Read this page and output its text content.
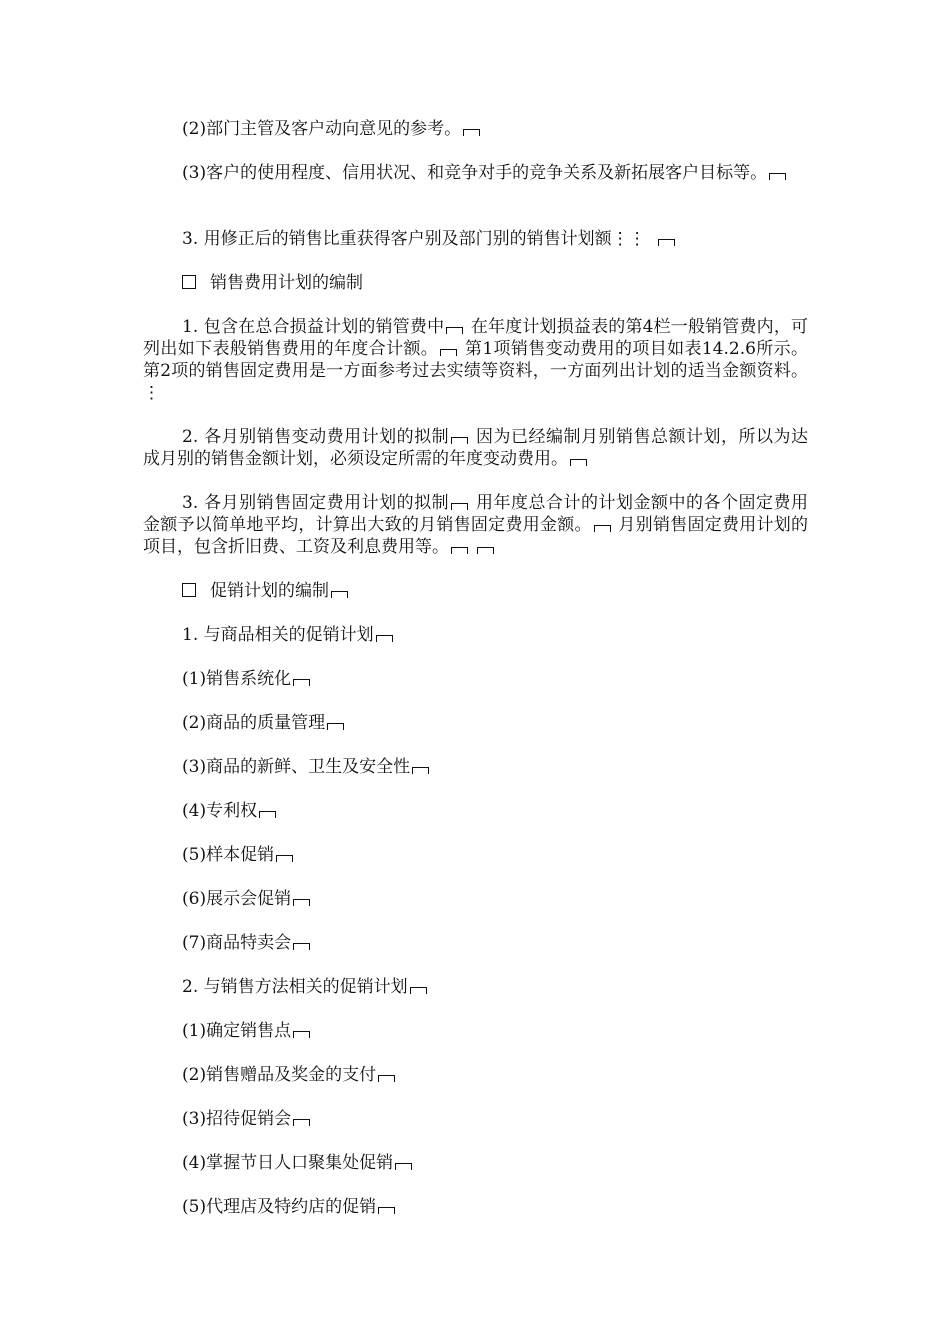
(2)部门主管及客户动向意见的参考。

(3)客户的使用程度、信用状况、和竞争对手的竞争关系及新拓展客户目标等。

3. 用修正后的销售比重获得客户别及部门别的销售计划额⋮⋮

销售费用计划的编制

1. 包含在总合损益计划的销管费中 在年度计划损益表的第4栏一般销管费内，可列出如下表般销售费用的年度合计额。 第1项销售变动费用的项目如表14.2.6所示。第2项的销售固定费用是一方面参考过去实绩等资料，一方面列出计划的适当金额资料。 ⋮

2. 各月别销售变动费用计划的拟制 因为已经编制月别销售总额计划，所以为达成月别的销售金额计划，必须设定所需的年度变动费用。

3. 各月别销售固定费用计划的拟制 用年度总合计的计划金额中的各个固定费用金额予以简单地平均，计算出大致的月销售固定费用金额。 月别销售固定费用计划的项目，包含折旧费、工资及利息费用等。

促销计划的编制

1. 与商品相关的促销计划

(1)销售系统化

(2)商品的质量管理

(3)商品的新鲜、卫生及安全性

(4)专利权

(5)样本促销

(6)展示会促销

(7)商品特卖会

2. 与销售方法相关的促销计划

(1)确定销售点

(2)销售赠品及奖金的支付

(3)招待促销会

(4)掌握节日人口聚集处促销

(5)代理店及特约店的促销
